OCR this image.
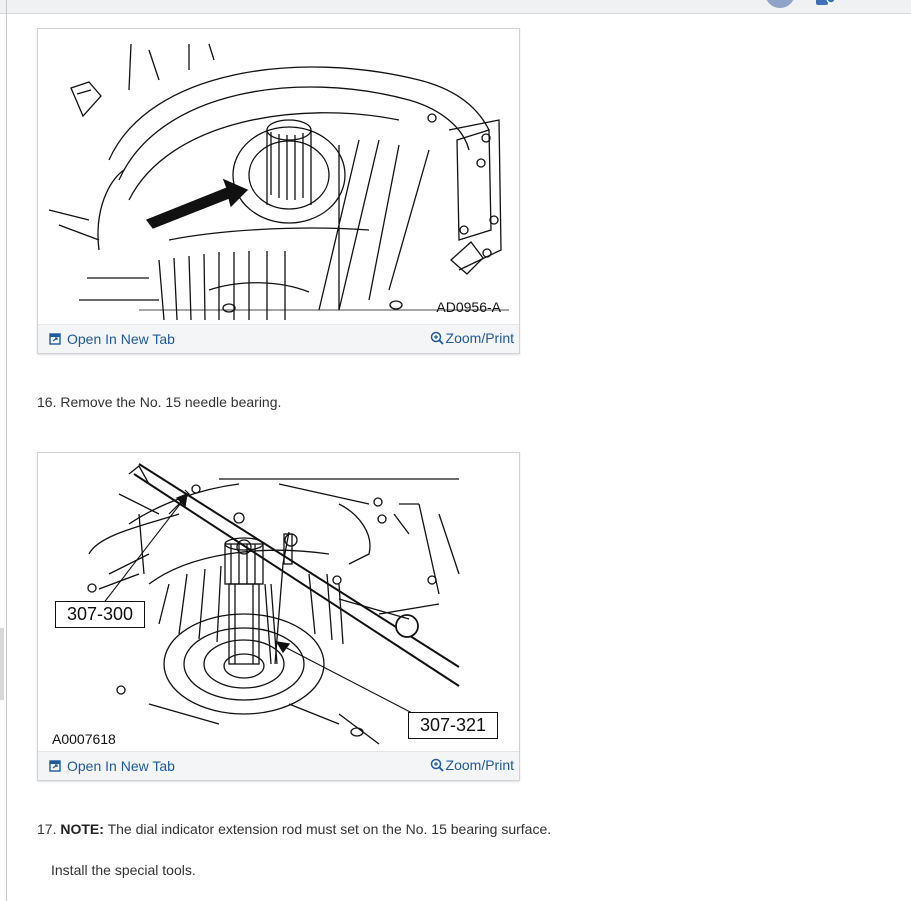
AD0956-A
Open In New Tab	Zoom/Print
16. Remove the No. 15 needle bearing.
307-300
307-321
A0007618
Open In New Tab	Zoom/Print
17. NOTE: The dial indicator extension rod must set on the No. 15 bearing surface.
Install the special tools.
